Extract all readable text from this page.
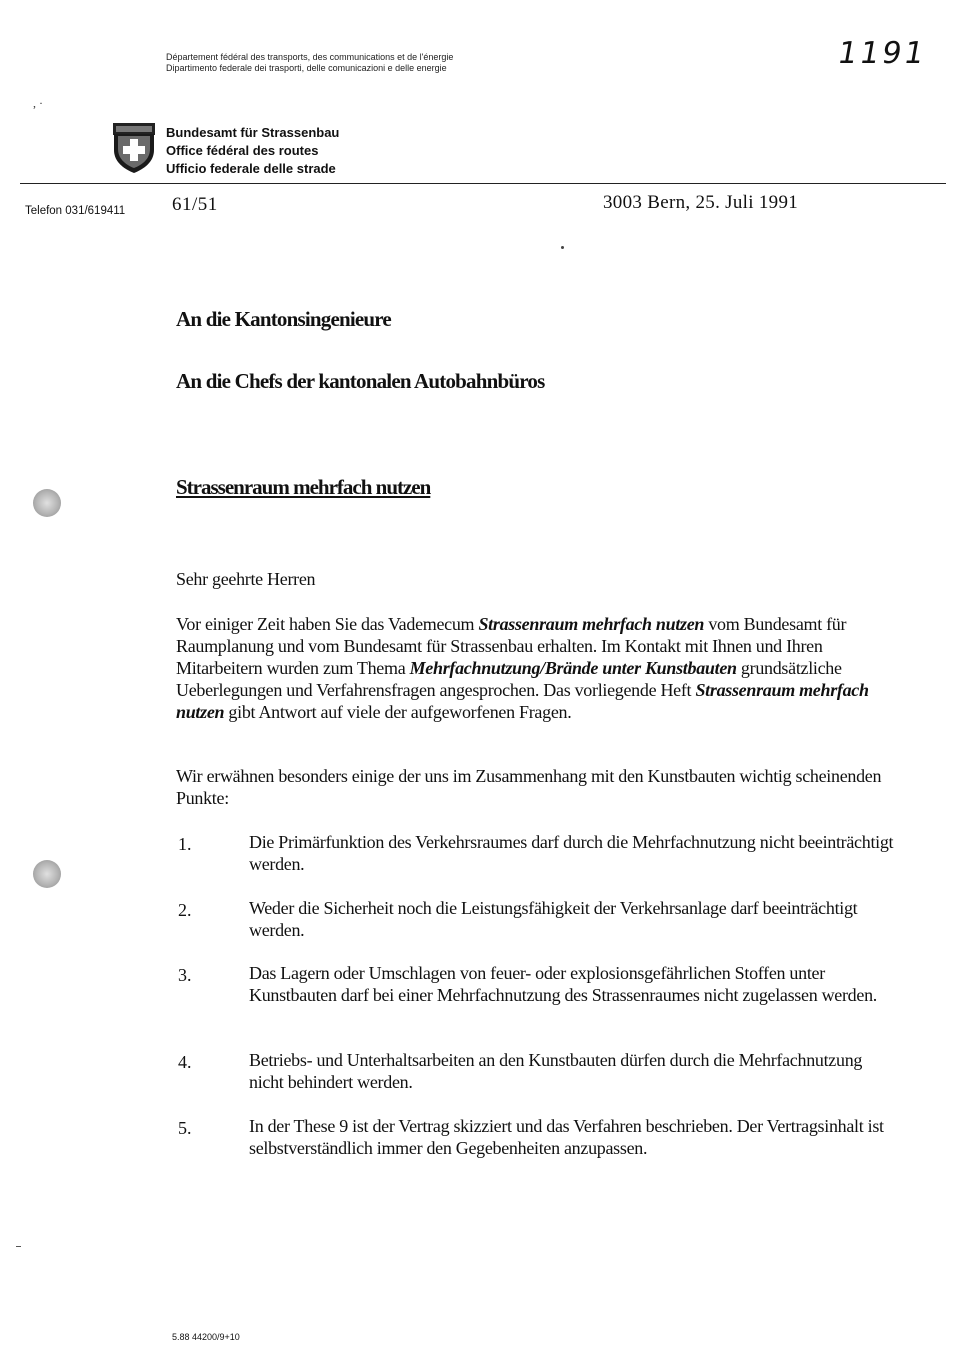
Département fédéral des transports, des communications et de l'énergie
Dipartimento federale dei trasporti, delle comunicazioni e delle energie	1191
, ·
Bundesamt für Strassenbau
Office fédéral des routes
Ufficio federale delle strade
Telefon 031/619411 61/51	3003 Bern, 25. Juli 1991
An die Kantonsingenieure
An die Chefs der kantonalen Autobahnbüros
Strassenraum mehrfach nutzen
Sehr geehrte Herren
Vor einiger Zeit haben Sie das Vademecum Strassenraum mehrfach nutzen vom Bundesamt für Raumplanung und vom Bundesamt für Strassenbau erhalten. Im Kontakt mit Ihnen und Ihren Mitarbeitern wurden zum Thema Mehrfachnutzung/Brände unter Kunstbauten grundsätzliche Ueberlegungen und Verfahrensfragen angesprochen. Das vorliegende Heft Strassenraum mehrfach nutzen gibt Antwort auf viele der aufgeworfenen Fragen.
Wir erwähnen besonders einige der uns im Zusammenhang mit den Kunstbauten wichtig scheinenden Punkte:
1.	Die Primärfunktion des Verkehrsraumes darf durch die Mehrfachnutzung nicht beeinträchtigt werden.
2.	Weder die Sicherheit noch die Leistungsfähigkeit der Verkehrsanlage darf beeinträchtigt werden.
3.	Das Lagern oder Umschlagen von feuer- oder explosionsgefährlichen Stoffen unter Kunstbauten darf bei einer Mehrfachnutzung des Strassenraumes nicht zugelassen werden.
4.	Betriebs- und Unterhaltsarbeiten an den Kunstbauten dürfen durch die Mehrfachnutzung nicht behindert werden.
5.	In der These 9 ist der Vertrag skizziert und das Verfahren beschrieben. Der Vertragsinhalt ist selbstverständlich immer den Gegebenheiten anzupassen.
5.88 44200/9+10
